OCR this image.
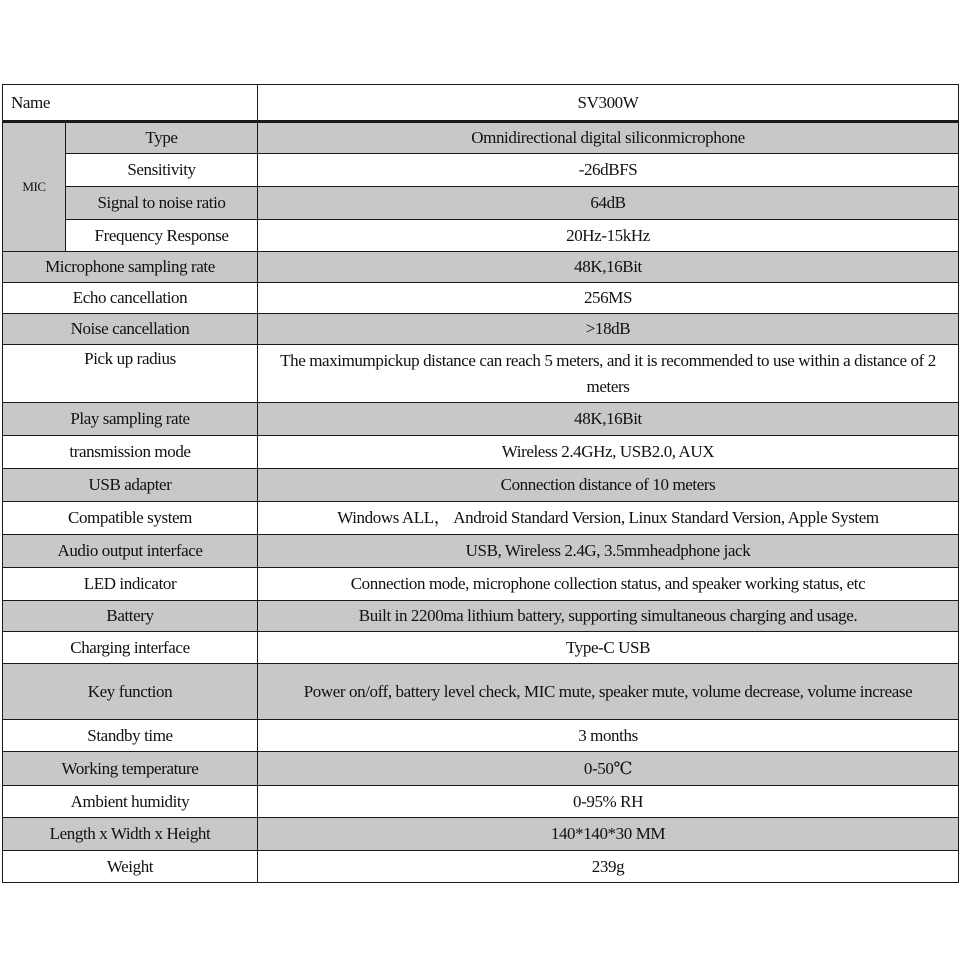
Name		SV300W
MIC	Type	Omnidirectional digital siliconmicrophone
	Sensitivity	-26dBFS
	Signal to noise ratio	64dB
	Frequency Response	20Hz-15kHz
Microphone sampling rate		48K,16Bit
Echo cancellation		256MS
Noise cancellation		>18dB
Pick up radius		The maximumpickup distance can reach 5 meters, and it is recommended to use within a distance of 2 meters
Play sampling rate		48K,16Bit
transmission mode		Wireless 2.4GHz, USB2.0, AUX
USB adapter		Connection distance of 10 meters
Compatible system		Windows ALL， Android Standard Version, Linux Standard Version, Apple System
Audio output interface		USB, Wireless 2.4G, 3.5mmheadphone jack
LED indicator		Connection mode, microphone collection status, and speaker working status, etc
Battery		Built in 2200ma lithium battery, supporting simultaneous charging and usage.
Charging interface		Type-C USB
Key function		Power on/off, battery level check, MIC mute, speaker mute, volume decrease, volume increase
Standby time		3 months
Working temperature		0-50℃
Ambient humidity		0-95% RH
Length x Width x Height		140*140*30 MM
Weight		239g
